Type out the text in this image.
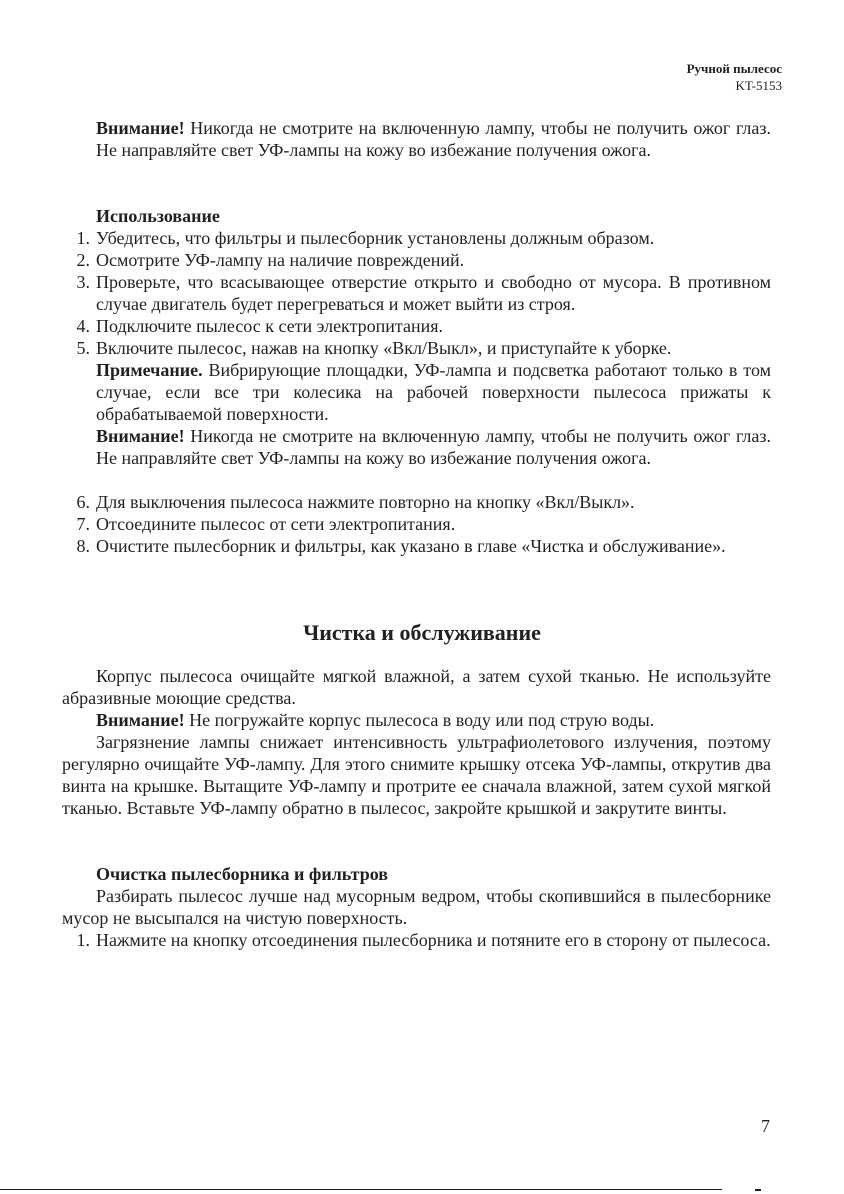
Ручной пылесос
KT-5153
Внимание! Никогда не смотрите на включенную лампу, чтобы не получить ожог глаз. Не направляйте свет УФ-лампы на кожу во избежание получения ожога.
Использование
1. Убедитесь, что фильтры и пылесборник установлены должным образом.
2. Осмотрите УФ-лампу на наличие повреждений.
3. Проверьте, что всасывающее отверстие открыто и свободно от мусора. В противном случае двигатель будет перегреваться и может выйти из строя.
4. Подключите пылесос к сети электропитания.
5. Включите пылесос, нажав на кнопку «Вкл/Выкл», и приступайте к уборке.
Примечание. Вибрирующие площадки, УФ-лампа и подсветка работают только в том случае, если все три колесика на рабочей поверхности пылесоса прижаты к обрабатываемой поверхности.
Внимание! Никогда не смотрите на включенную лампу, чтобы не получить ожог глаз. Не направляйте свет УФ-лампы на кожу во избежание получения ожога.
6. Для выключения пылесоса нажмите повторно на кнопку «Вкл/Выкл».
7. Отсоедините пылесос от сети электропитания.
8. Очистите пылесборник и фильтры, как указано в главе «Чистка и обслуживание».
Чистка и обслуживание
Корпус пылесоса очищайте мягкой влажной, а затем сухой тканью. Не используйте абразивные моющие средства.
Внимание! Не погружайте корпус пылесоса в воду или под струю воды.
Загрязнение лампы снижает интенсивность ультрафиолетового излучения, поэтому регулярно очищайте УФ-лампу. Для этого снимите крышку отсека УФ-лампы, открутив два винта на крышке. Вытащите УФ-лампу и протрите ее сначала влажной, затем сухой мягкой тканью. Вставьте УФ-лампу обратно в пылесос, закройте крышкой и закрутите винты.
Очистка пылесборника и фильтров
Разбирать пылесос лучше над мусорным ведром, чтобы скопившийся в пылесборнике мусор не высыпался на чистую поверхность.
1. Нажмите на кнопку отсоединения пылесборника и потяните его в сторону от пылесоса.
7
